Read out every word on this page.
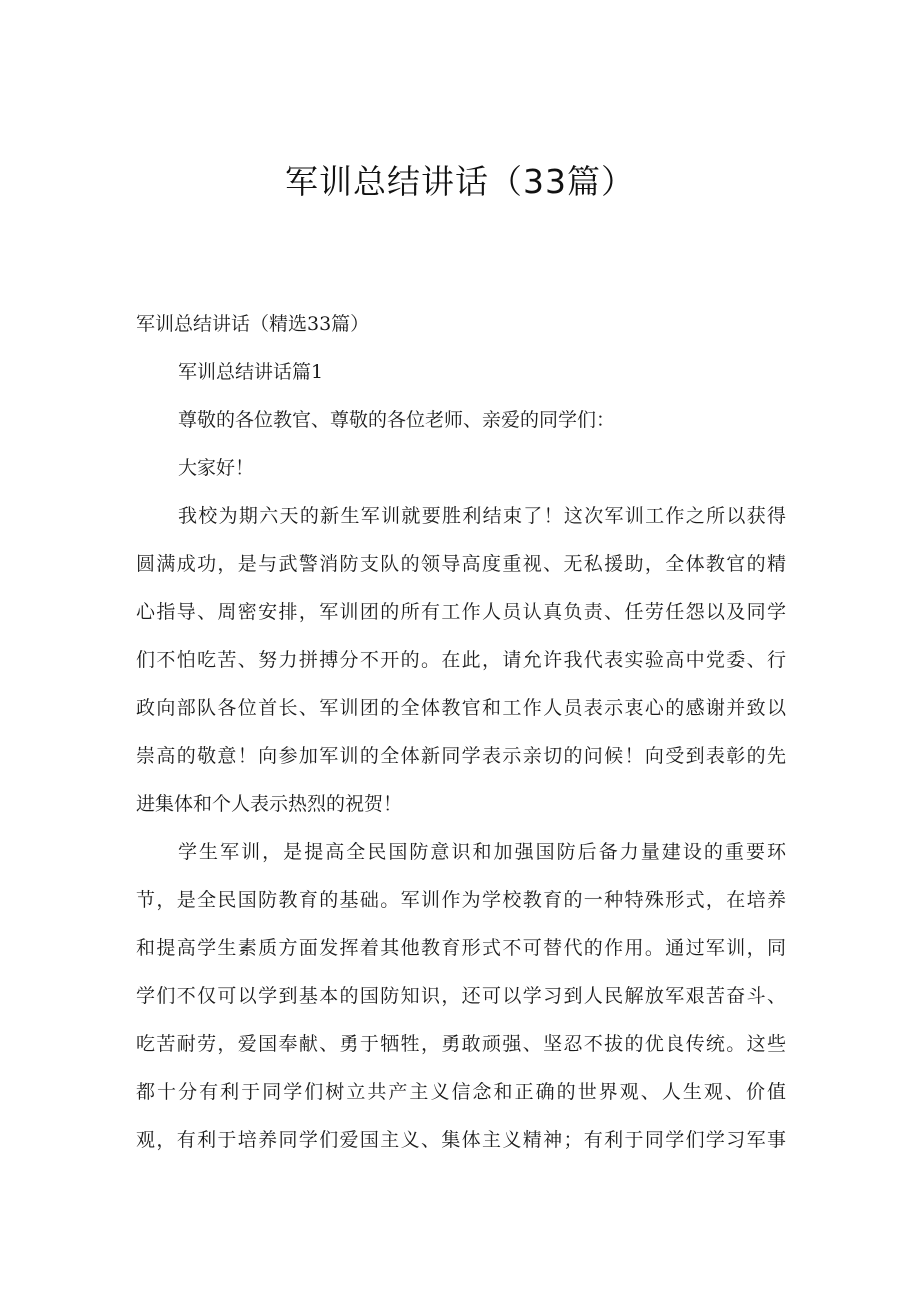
军训总结讲话（33篇）
军训总结讲话（精选33篇）
军训总结讲话篇1
尊敬的各位教官、尊敬的各位老师、亲爱的同学们：
大家好！
我校为期六天的新生军训就要胜利结束了！这次军训工作之所以获得
圆满成功，是与武警消防支队的领导高度重视、无私援助，全体教官的精
心指导、周密安排，军训团的所有工作人员认真负责、任劳任怨以及同学
们不怕吃苦、努力拼搏分不开的。在此，请允许我代表实验高中党委、行
政向部队各位首长、军训团的全体教官和工作人员表示衷心的感谢并致以
崇高的敬意！向参加军训的全体新同学表示亲切的问候！向受到表彰的先
进集体和个人表示热烈的祝贺！
学生军训，是提高全民国防意识和加强国防后备力量建设的重要环
节，是全民国防教育的基础。军训作为学校教育的一种特殊形式，在培养
和提高学生素质方面发挥着其他教育形式不可替代的作用。通过军训，同
学们不仅可以学到基本的国防知识，还可以学习到人民解放军艰苦奋斗、
吃苦耐劳，爱国奉献、勇于牺牲，勇敢顽强、坚忍不拔的优良传统。这些
都十分有利于同学们树立共产主义信念和正确的世界观、人生观、价值
观，有利于培养同学们爱国主义、集体主义精神；有利于同学们学习军事
